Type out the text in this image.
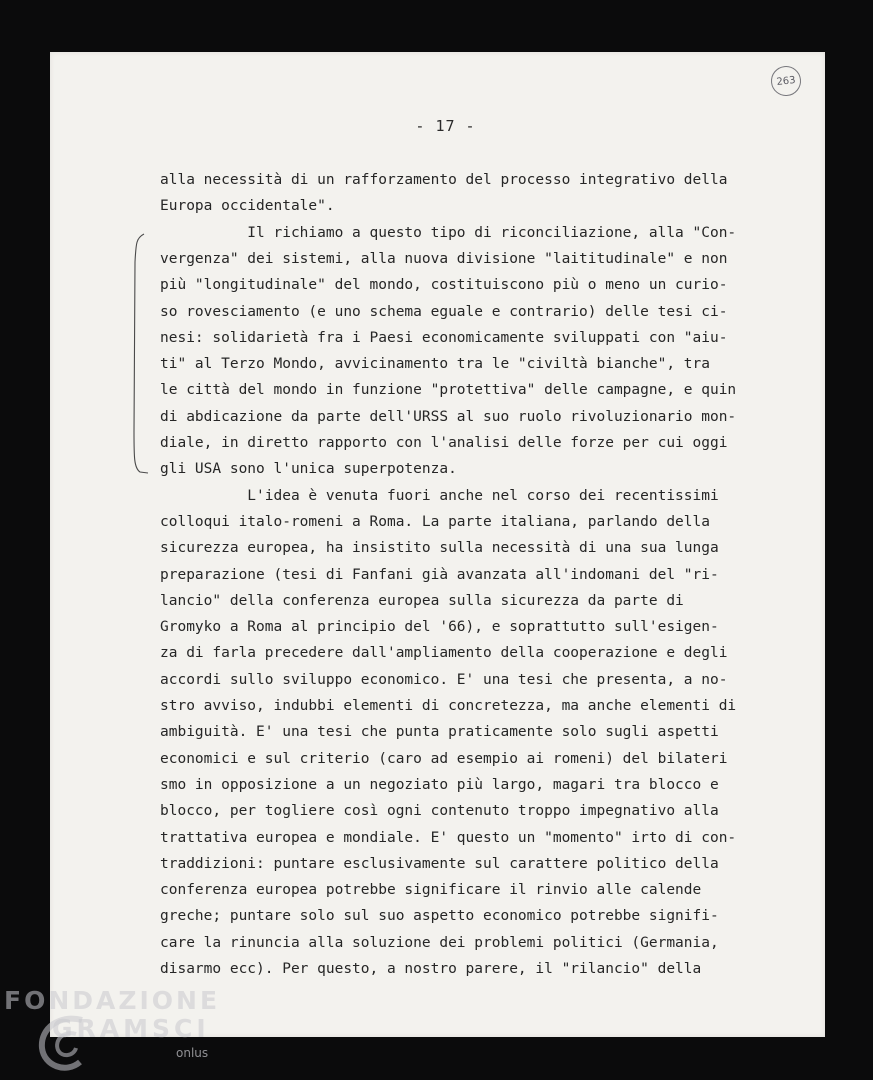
263
- 17 -

alla necessità di un rafforzamento del processo integrativo della

Europa occidentale".

Il richiamo a questo tipo di riconciliazione, alla "Con-

vergenza" dei sistemi, alla nuova divisione "laititudinale" e non

più "longitudinale" del mondo, costituiscono più o meno un curio-

so rovesciamento (e uno schema eguale e contrario) delle tesi ci-

nesi: solidarietà fra i Paesi economicamente sviluppati con "aiu-

ti" al Terzo Mondo, avvicinamento tra le "civiltà bianche", tra

le città del mondo in funzione "protettiva" delle campagne, e quin

di abdicazione da parte dell'URSS al suo ruolo rivoluzionario mon-

diale, in diretto rapporto con l'analisi delle forze per cui oggi

gli USA sono l'unica superpotenza.

L'idea è venuta fuori anche nel corso dei recentissimi

colloqui italo-romeni a Roma. La parte italiana, parlando della

sicurezza europea, ha insistito sulla necessità di una sua lunga

preparazione (tesi di Fanfani già avanzata all'indomani del "ri-

lancio" della conferenza europea sulla sicurezza da parte di

Gromyko a Roma al principio del '66), e soprattutto sull'esigen-

za di farla precedere dall'ampliamento della cooperazione e degli

accordi sullo sviluppo economico. E' una tesi che presenta, a no-

stro avviso, indubbi elementi di concretezza, ma anche elementi di

ambiguità. E' una tesi che punta praticamente solo sugli aspetti

economici e sul criterio (caro ad esempio ai romeni) del bilateri

smo in opposizione a un negoziato più largo, magari tra blocco e

blocco, per togliere così ogni contenuto troppo impegnativo alla

trattativa europea e mondiale. E' questo un "momento" irto di con-

traddizioni: puntare esclusivamente sul carattere politico della

conferenza europea potrebbe significare il rinvio alle calende

greche; puntare solo sul suo aspetto economico potrebbe signifi-

care la rinuncia alla soluzione dei problemi politici (Germania,

disarmo ecc). Per questo, a nostro parere, il "rilancio" della

FONDAZIONE
GRAMSCI
onlus
